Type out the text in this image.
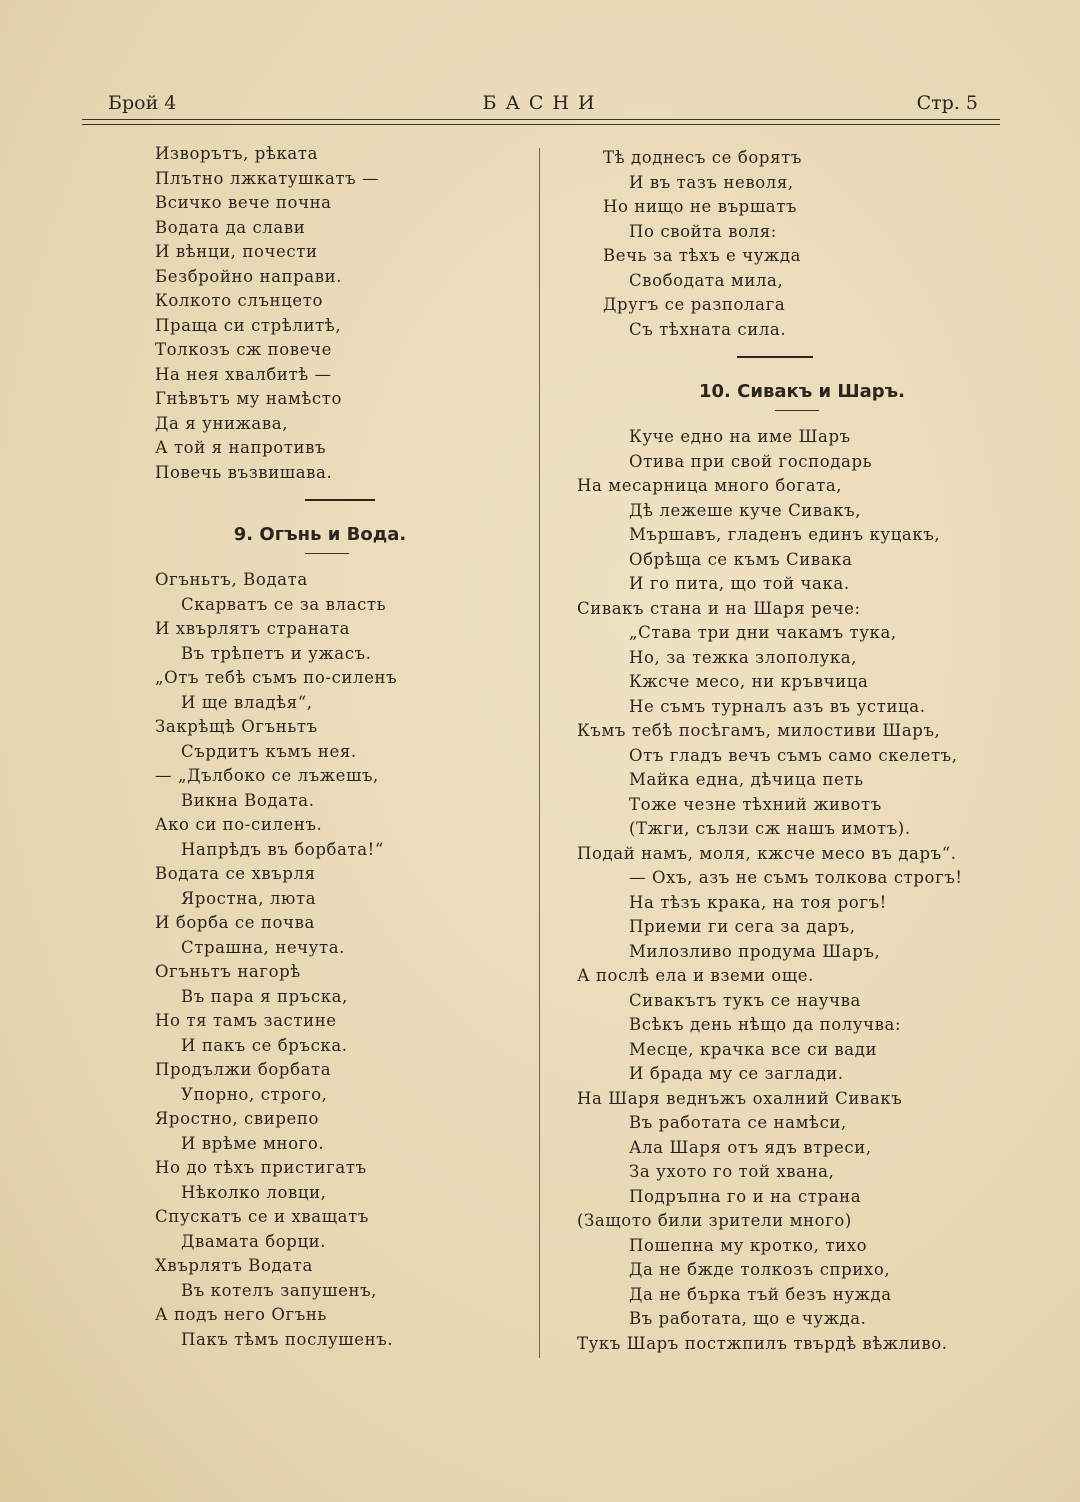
Брой 4	БАСНИ	Стр. 5
Изворътъ, рѣката
Плътно лжкатушкатъ —
Всичко вече почна
Водата да слави
И вѣнци, почести
Безбройно направи.
Колкото слънцето
Праща си стрѣлитѣ,
Толкозъ сж повече
На нея хвалбитѣ —
Гнѣвътъ му намѣсто
Да я унижава,
А той я напротивъ
Повечь възвишава.
9. Огънь и Вода.
Огъньтъ, Водата
Скарватъ се за власть
И хвърлятъ странатa
Въ трѣпетъ и ужасъ.
„Отъ тебѣ съмъ по-силенъ
И ще владѣя“,
Закрѣщѣ Огъньтъ
Сърдитъ къмъ нея.
— „Дълбоко се лъжешъ,
Викна Водата.
Ако си по-силенъ.
Напрѣдъ въ борбата!“
Водата се хвърля
Яростна, люта
И борба се почва
Страшна, нечута.
Огъньтъ нагорѣ
Въ пара я пръска,
Но тя тамъ застине
И пакъ се бръска.
Продължи борбата
Упорно, строго,
Яростно, свирепо
И врѣме много.
Но до тѣхъ пристигатъ
Нѣколко ловци,
Спускатъ се и хващатъ
Двамата борци.
Хвърлятъ Водата
Въ котелъ запушенъ,
А подъ него Огънь
Пакъ тѣмъ послушенъ.
Тѣ доднесъ се борятъ
И въ тазъ неволя,
Но нищо не вършатъ
По свойта воля:
Вечь за тѣхъ е чужда
Свободата мила,
Другъ се разполага
Съ тѣхната сила.
10. Сивакъ и Шаръ.
Куче едно на име Шаръ
Отива при свой господарь
На месарница много богата,
Дѣ лежеше куче Сивакъ,
Мършавъ, гладенъ единъ куцакъ,
Обрѣща се къмъ Сивака
И го пита, що той чака.
Сивакъ стана и на Шаря рече:
„Става три дни чакамъ тука,
Но, за тежка злополука,
Кжсче месо, ни кръвчица
Не съмъ турналъ азъ въ устица.
Къмъ тебѣ посѣгамъ, милостиви Шаръ,
Отъ гладъ вечъ съмъ само скелетъ,
Майка една, дѣчица петь
Тоже чезне тѣхний животъ
(Тжги, сълзи сж нашъ имотъ).
Подай намъ, моля, кжсче месо въ даръ“.
— Охъ, азъ не съмъ толкова строгъ!
На тѣзъ крака, на тоя рогъ!
Приеми ги сега за даръ,
Милозливо продума Шаръ,
А послѣ ела и вземи още.
Сивакътъ тукъ се научва
Всѣкъ день нѣщо да получва:
Месце, крачка все си вади
И брада му се заглади.
На Шаря веднъжъ охалний Сивакъ
Въ работата се намѣси,
Ала Шаря отъ ядъ втреси,
За ухото го той хвана,
Подръпна го и на страна
(Защото били зрители много)
Пошепна му кротко, тихо
Да не бжде толкозъ сприхо,
Да не бърка тъй безъ нужда
Въ работата, що е чужда.
Тукъ Шаръ постжпилъ твърдѣ вѣжливо.
